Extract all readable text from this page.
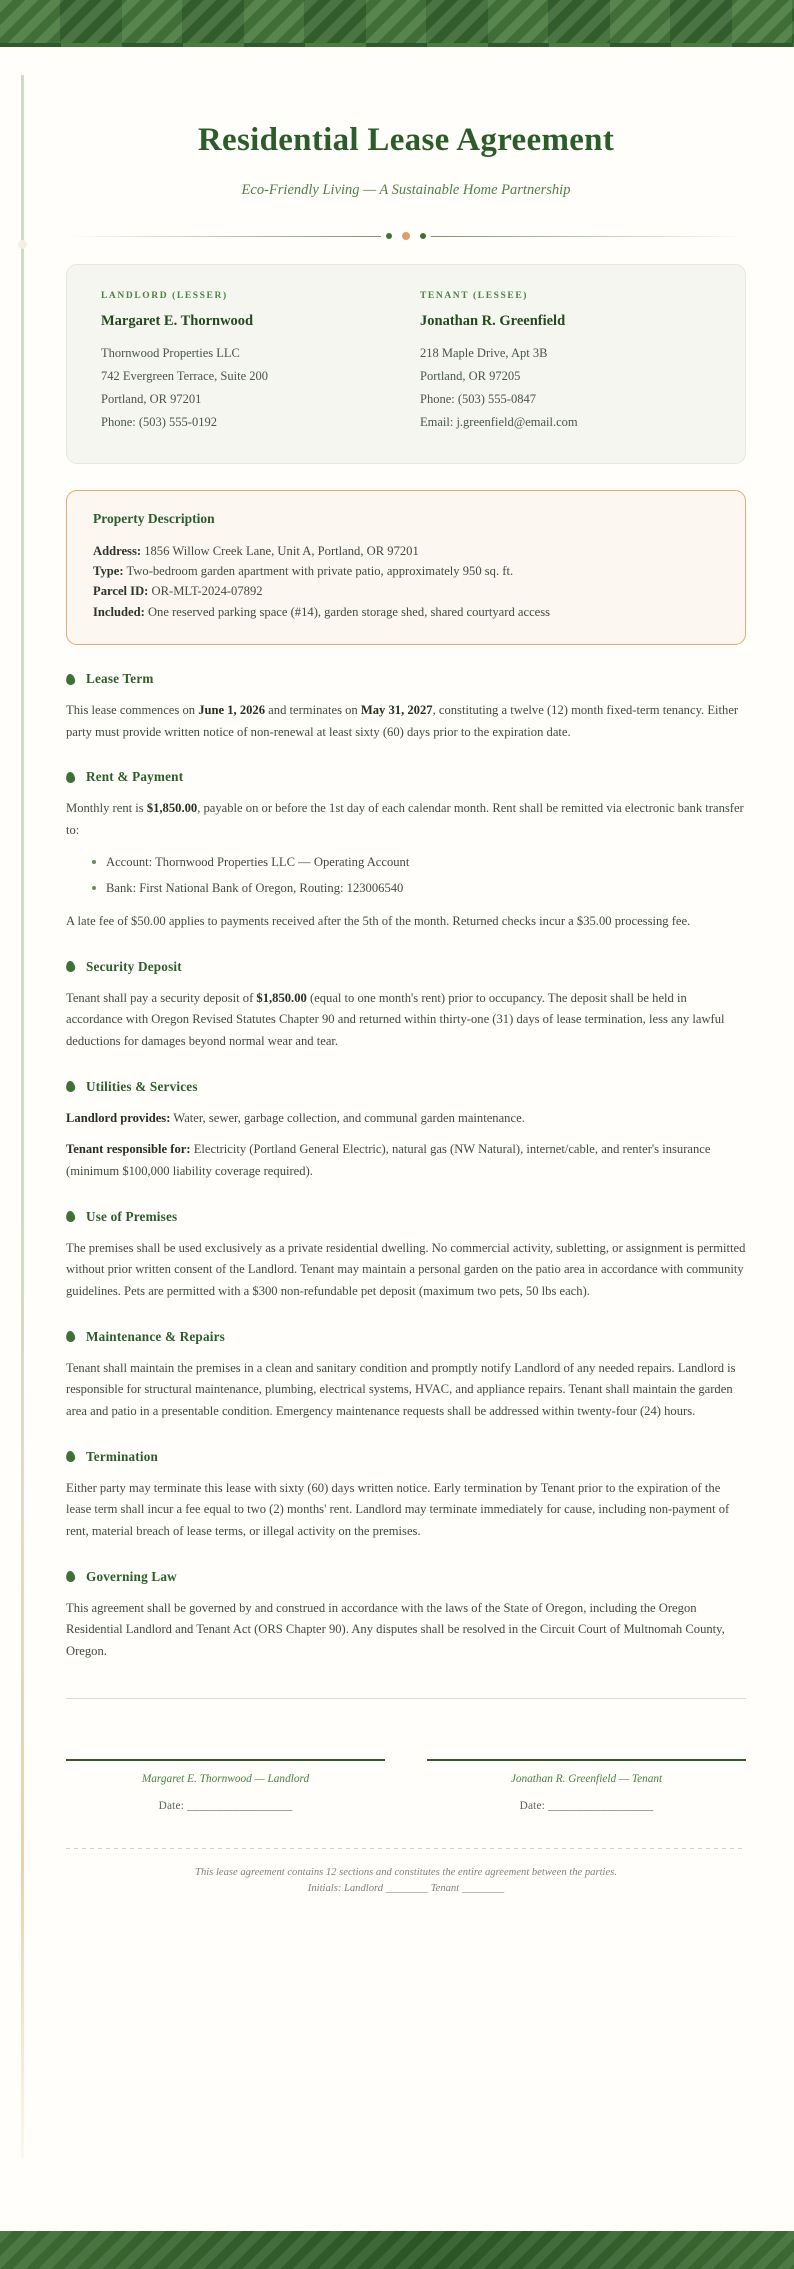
Residential Lease Agreement
Eco-Friendly Living — A Sustainable Home Partnership
LANDLORD (LESSER)
Margaret E. Thornwood
Thornwood Properties LLC
742 Evergreen Terrace, Suite 200
Portland, OR 97201
Phone: (503) 555-0192
TENANT (LESSEE)
Jonathan R. Greenfield
218 Maple Drive, Apt 3B
Portland, OR 97205
Phone: (503) 555-0847
Email: j.greenfield@email.com
Property Description
Address: 1856 Willow Creek Lane, Unit A, Portland, OR 97201
Type: Two-bedroom garden apartment with private patio, approximately 950 sq. ft.
Parcel ID: OR-MLT-2024-07892
Included: One reserved parking space (#14), garden storage shed, shared courtyard access
Lease Term

This lease commences on June 1, 2026 and terminates on May 31, 2027, constituting a twelve (12) month fixed-term tenancy. Either party must provide written notice of non-renewal at least sixty (60) days prior to the expiration date.

Rent & Payment

Monthly rent is $1,850.00, payable on or before the 1st day of each calendar month. Rent shall be remitted via electronic bank transfer to:

Account: Thornwood Properties LLC — Operating Account
Bank: First National Bank of Oregon, Routing: 123006540

A late fee of $50.00 applies to payments received after the 5th of the month. Returned checks incur a $35.00 processing fee.

Security Deposit

Tenant shall pay a security deposit of $1,850.00 (equal to one month's rent) prior to occupancy. The deposit shall be held in accordance with Oregon Revised Statutes Chapter 90 and returned within thirty-one (31) days of lease termination, less any lawful deductions for damages beyond normal wear and tear.

Utilities & Services

Landlord provides: Water, sewer, garbage collection, and communal garden maintenance.

Tenant responsible for: Electricity (Portland General Electric), natural gas (NW Natural), internet/cable, and renter's insurance (minimum $100,000 liability coverage required).

Use of Premises

The premises shall be used exclusively as a private residential dwelling. No commercial activity, subletting, or assignment is permitted without prior written consent of the Landlord. Tenant may maintain a personal garden on the patio area in accordance with community guidelines. Pets are permitted with a $300 non-refundable pet deposit (maximum two pets, 50 lbs each).

Maintenance & Repairs

Tenant shall maintain the premises in a clean and sanitary condition and promptly notify Landlord of any needed repairs. Landlord is responsible for structural maintenance, plumbing, electrical systems, HVAC, and appliance repairs. Tenant shall maintain the garden area and patio in a presentable condition. Emergency maintenance requests shall be addressed within twenty-four (24) hours.

Termination

Either party may terminate this lease with sixty (60) days written notice. Early termination by Tenant prior to the expiration of the lease term shall incur a fee equal to two (2) months' rent. Landlord may terminate immediately for cause, including non-payment of rent, material breach of lease terms, or illegal activity on the premises.

Governing Law

This agreement shall be governed by and construed in accordance with the laws of the State of Oregon, including the Oregon Residential Landlord and Tenant Act (ORS Chapter 90). Any disputes shall be resolved in the Circuit Court of Multnomah County, Oregon.

Margaret E. Thornwood — Landlord
Date: __________________
Jonathan R. Greenfield — Tenant
Date: __________________
This lease agreement contains 12 sections and constitutes the entire agreement between the parties.
Initials: Landlord ________ Tenant ________
